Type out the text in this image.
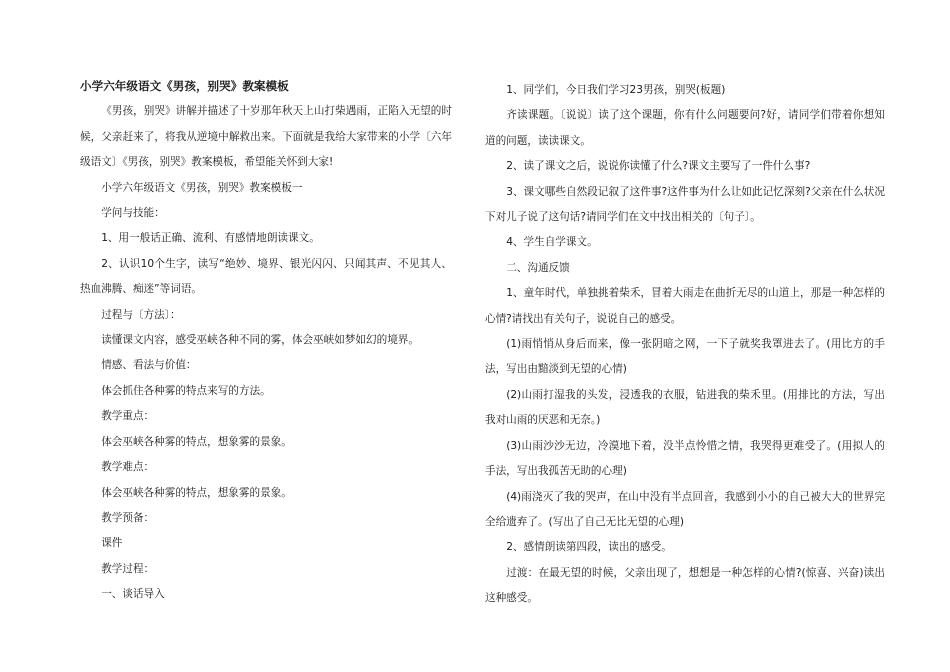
小学六年级语文《男孩，别哭》教案模板

《男孩，别哭》讲解并描述了十岁那年秋天上山打柴遇雨，正陷入无望的时候，父亲赶来了，将我从逆境中解救出来。下面就是我给大家带来的小学〔六年级语文〕《男孩，别哭》教案模板，希望能关怀到大家!

小学六年级语文《男孩，别哭》教案模板一

学问与技能：

1、用一般话正确、流利、有感情地朗读课文。

2、认识10个生字，读写“绝妙、境界、银光闪闪、只闻其声、不见其人、热血沸腾、痴迷”等词语。

过程与〔方法〕：

读懂课文内容，感受巫峡各种不同的雾，体会巫峡如梦如幻的境界。

情感、看法与价值：

体会抓住各种雾的特点来写的方法。

教学重点：

体会巫峡各种雾的特点，想象雾的景象。

教学难点：

体会巫峡各种雾的特点，想象雾的景象。

教学预备：

课件

教学过程：

一、谈话导入

1、同学们，今日我们学习23男孩，别哭(板题)

齐读课题。〔说说〕读了这个课题，你有什么问题要问?好，请同学们带着你想知道的问题，读读课文。

2、读了课文之后，说说你读懂了什么?课文主要写了一件什么事?

3、课文哪些自然段记叙了这件事?这件事为什么让如此记忆深刻?父亲在什么状况下对儿子说了这句话?请同学们在文中找出相关的〔句子〕。

4、学生自学课文。

二、沟通反馈

1、童年时代，单独挑着柴禾，冒着大雨走在曲折无尽的山道上，那是一种怎样的心情?请找出有关句子，说说自己的感受。

(1)雨悄悄从身后而来，像一张阴暗之网，一下子就奖我罩进去了。(用比方的手法，写出由黯淡到无望的心情)

(2)山雨打湿我的头发，浸透我的衣服，钻进我的柴禾里。(用排比的方法，写出我对山雨的厌恶和无奈。)

(3)山雨沙沙无边，冷漠地下着，没半点怜惜之情，我哭得更难受了。(用拟人的手法，写出我孤苦无助的心理)

(4)雨浇灭了我的哭声，在山中没有半点回音，我感到小小的自己被大大的世界完全给遗弃了。(写出了自己无比无望的心理)

2、感情朗读第四段，读出的感受。

过渡：在最无望的时候，父亲出现了，想想是一种怎样的心情?(惊喜、兴奋)读出这种感受。
